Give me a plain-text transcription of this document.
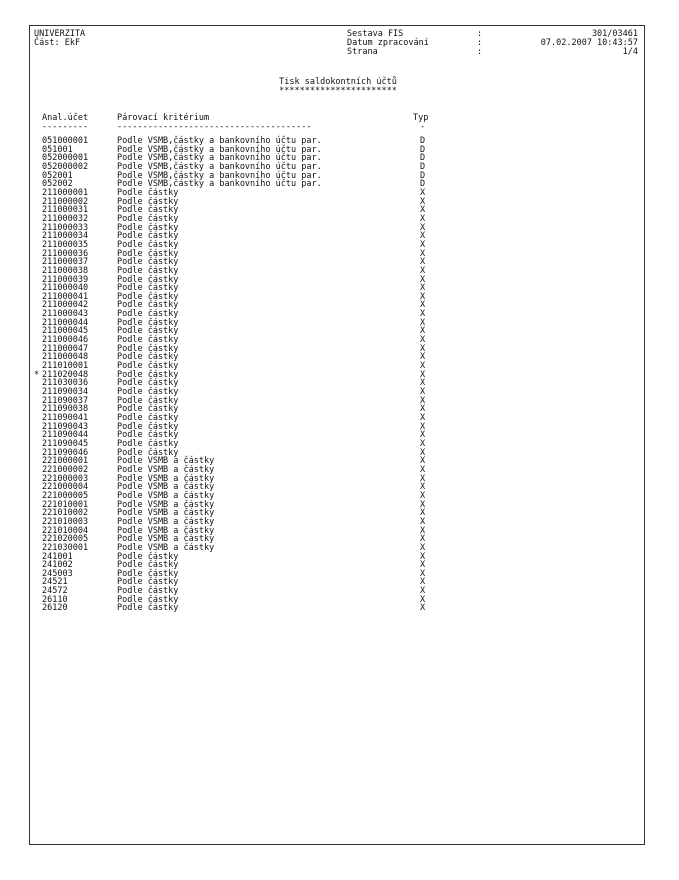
UNIVERZITA
Část: EkF
Sestava FIS	:	301/03461
Datum zpracování	:	07.02.2007 10:43:57
Strana	:	1/4
Tisk saldokontních účtů
***********************
Anal.účet	Párovací kritérium	Typ
---------	--------------------------------------	-
051000001	Podle VSMB,částky a bankovního účtu par.	D
051001	Podle VSMB,částky a bankovního účtu par.	D
052000001	Podle VSMB,částky a bankovního účtu par.	D
052000002	Podle VSMB,částky a bankovního účtu par.	D
052001	Podle VSMB,částky a bankovního účtu par.	D
052002	Podle VSMB,částky a bankovního účtu par.	D
211000001	Podle částky	X
211000002	Podle částky	X
211000031	Podle částky	X
211000032	Podle částky	X
211000033	Podle částky	X
211000034	Podle částky	X
211000035	Podle částky	X
211000036	Podle částky	X
211000037	Podle částky	X
211000038	Podle částky	X
211000039	Podle částky	X
211000040	Podle částky	X
211000041	Podle částky	X
211000042	Podle částky	X
211000043	Podle částky	X
211000044	Podle částky	X
211000045	Podle částky	X
211000046	Podle částky	X
211000047	Podle částky	X
211000048	Podle částky	X
211010001	Podle částky	X
* 211020048	Podle částky	X
211030036	Podle částky	X
211090034	Podle částky	X
211090037	Podle částky	X
211090038	Podle částky	X
211090041	Podle částky	X
211090043	Podle částky	X
211090044	Podle částky	X
211090045	Podle částky	X
211090046	Podle částky	X
221000001	Podle VSMB a částky	X
221000002	Podle VSMB a částky	X
221000003	Podle VSMB a částky	X
221000004	Podle VSMB a částky	X
221000005	Podle VSMB a částky	X
221010001	Podle VSMB a částky	X
221010002	Podle VSMB a částky	X
221010003	Podle VSMB a částky	X
221010004	Podle VSMB a částky	X
221020005	Podle VSMB a částky	X
221030001	Podle VSMB a částky	X
241001	Podle částky	X
241002	Podle částky	X
245003	Podle částky	X
24521	Podle částky	X
24572	Podle částky	X
26110	Podle částky	X
26120	Podle částky	X
